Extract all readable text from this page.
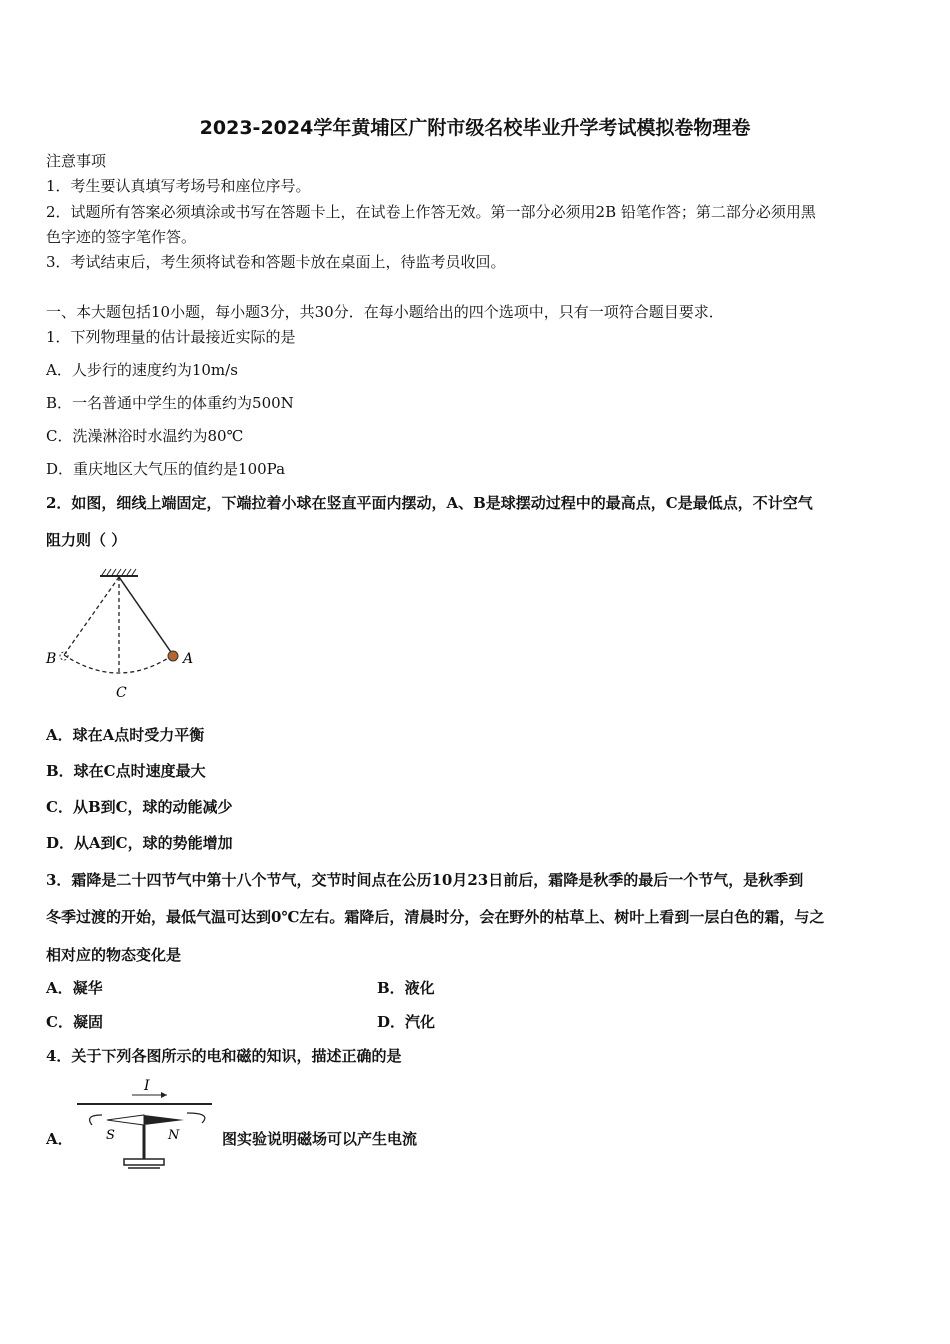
2023-2024学年黄埔区广附市级名校毕业升学考试模拟卷物理卷
注意事项
1．考生要认真填写考场号和座位序号。
2．试题所有答案必须填涂或书写在答题卡上，在试卷上作答无效。第一部分必须用2B 铅笔作答；第二部分必须用黑
色字迹的签字笔作答。
3．考试结束后，考生须将试卷和答题卡放在桌面上，待监考员收回。
一、本大题包括10小题，每小题3分，共30分．在每小题给出的四个选项中，只有一项符合题目要求．
1．下列物理量的估计最接近实际的是
A．人步行的速度约为10m/s
B．一名普通中学生的体重约为500N
C．洗澡淋浴时水温约为80℃
D．重庆地区大气压的值约是100Pa
2．如图，细线上端固定，下端拉着小球在竖直平面内摆动，A、B是球摆动过程中的最高点，C是最低点，不计空气
阻力则（ ）
A
B
C
A．球在A点时受力平衡
B．球在C点时速度最大
C．从B到C，球的动能减少
D．从A到C，球的势能增加
3．霜降是二十四节气中第十八个节气，交节时间点在公历10月23日前后，霜降是秋季的最后一个节气，是秋季到
冬季过渡的开始，最低气温可达到0℃左右。霜降后，清晨时分，会在野外的枯草上、树叶上看到一层白色的霜，与之
相对应的物态变化是
A．凝华	B．液化
C．凝固	D．汽化
4．关于下列各图所示的电和磁的知识，描述正确的是
A．
I
S	N	图实验说明磁场可以产生电流
